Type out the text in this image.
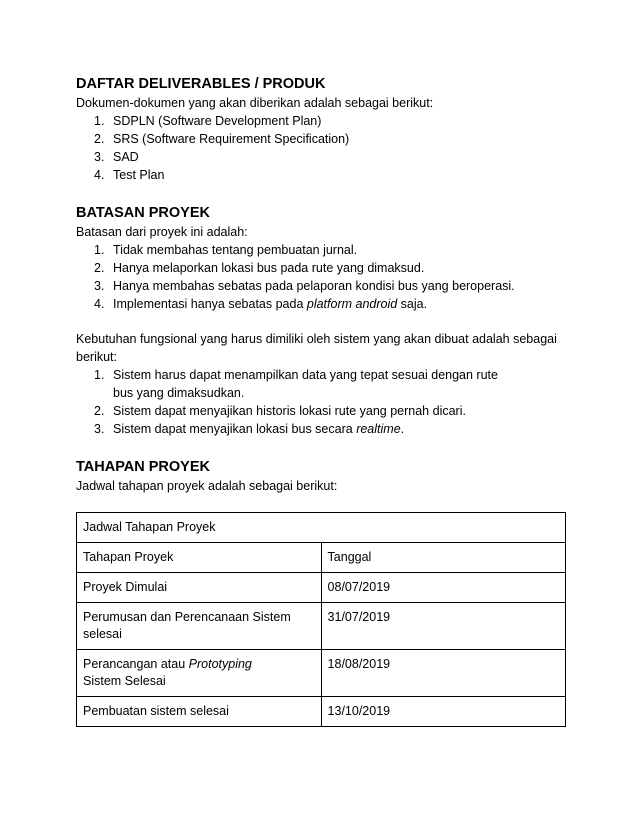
DAFTAR DELIVERABLES / PRODUK

Dokumen-dokumen yang akan diberikan adalah sebagai berikut:

1. SDPLN (Software Development Plan)
2. SRS (Software Requirement Specification)
3. SAD
4. Test Plan
BATASAN PROYEK

Batasan dari proyek ini adalah:

1. Tidak membahas tentang pembuatan jurnal.
2. Hanya melaporkan lokasi bus pada rute yang dimaksud.
3. Hanya membahas sebatas pada pelaporan kondisi bus yang beroperasi.
4. Implementasi hanya sebatas pada platform android saja.

Kebutuhan fungsional yang harus dimiliki oleh sistem yang akan dibuat adalah sebagai berikut:

1. Sistem harus dapat menampilkan data yang tepat sesuai dengan rute
bus yang dimaksudkan.
2. Sistem dapat menyajikan historis lokasi rute yang pernah dicari.
3. Sistem dapat menyajikan lokasi bus secara realtime.
TAHAPAN PROYEK

Jadwal tahapan proyek adalah sebagai berikut:

Jadwal Tahapan Proyek	
Tahapan Proyek	Tanggal
Proyek Dimulai	08/07/2019
Perumusan dan Perencanaan Sistem selesai	31/07/2019
Perancangan atau Prototyping
Sistem Selesai	18/08/2019
Pembuatan sistem selesai	13/10/2019
